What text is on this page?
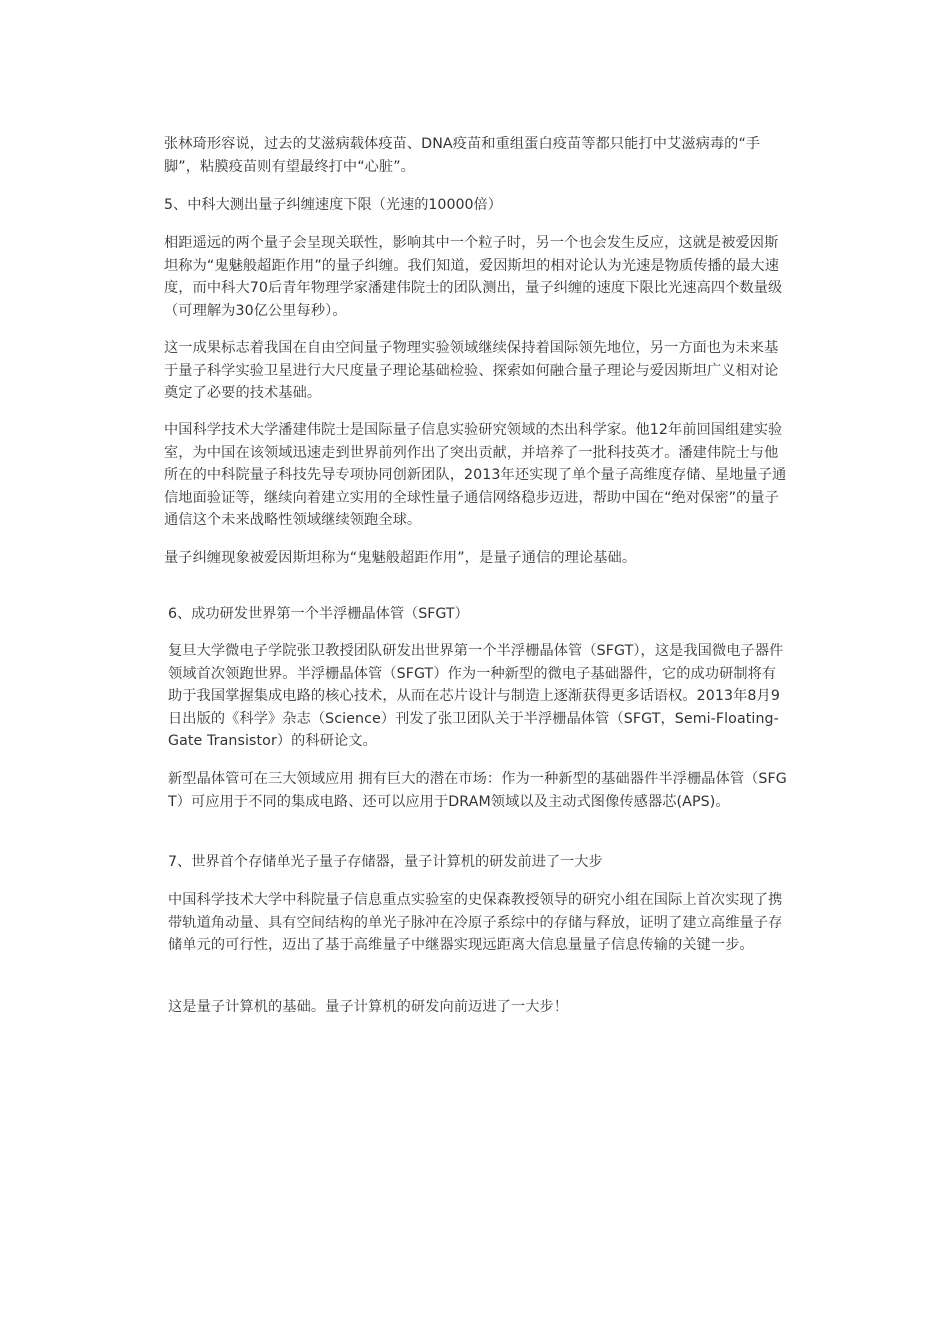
张林琦形容说，过去的艾滋病载体疫苗、DNA疫苗和重组蛋白疫苗等都只能打中艾滋病毒的“手脚”，粘膜疫苗则有望最终打中“心脏”。
5、中科大测出量子纠缠速度下限（光速的10000倍）
相距遥远的两个量子会呈现关联性，影响其中一个粒子时，另一个也会发生反应，这就是被爱因斯坦称为“鬼魅般超距作用”的量子纠缠。我们知道，爱因斯坦的相对论认为光速是物质传播的最大速度，而中科大70后青年物理学家潘建伟院士的团队测出，量子纠缠的速度下限比光速高四个数量级（可理解为30亿公里每秒）。
这一成果标志着我国在自由空间量子物理实验领域继续保持着国际领先地位，另一方面也为未来基于量子科学实验卫星进行大尺度量子理论基础检验、探索如何融合量子理论与爱因斯坦广义相对论奠定了必要的技术基础。
中国科学技术大学潘建伟院士是国际量子信息实验研究领域的杰出科学家。他12年前回国组建实验室，为中国在该领域迅速走到世界前列作出了突出贡献，并培养了一批科技英才。潘建伟院士与他所在的中科院量子科技先导专项协同创新团队，2013年还实现了单个量子高维度存储、星地量子通信地面验证等，继续向着建立实用的全球性量子通信网络稳步迈进，帮助中国在“绝对保密”的量子通信这个未来战略性领域继续领跑全球。
量子纠缠现象被爱因斯坦称为“鬼魅般超距作用”，是量子通信的理论基础。
6、成功研发世界第一个半浮栅晶体管（SFGT）
复旦大学微电子学院张卫教授团队研发出世界第一个半浮栅晶体管（SFGT），这是我国微电子器件领域首次领跑世界。半浮栅晶体管（SFGT）作为一种新型的微电子基础器件，它的成功研制将有助于我国掌握集成电路的核心技术，从而在芯片设计与制造上逐渐获得更多话语权。2013年8月9日出版的《科学》杂志（Science）刊发了张卫团队关于半浮栅晶体管（SFGT，Semi-Floating-Gate Transistor）的科研论文。
新型晶体管可在三大领域应用 拥有巨大的潜在市场：作为一种新型的基础器件半浮栅晶体管（SFGT）可应用于不同的集成电路、还可以应用于DRAM领域以及主动式图像传感器芯(APS)。
7、世界首个存储单光子量子存储器，量子计算机的研发前进了一大步
中国科学技术大学中科院量子信息重点实验室的史保森教授领导的研究小组在国际上首次实现了携带轨道角动量、具有空间结构的单光子脉冲在冷原子系综中的存储与释放，证明了建立高维量子存储单元的可行性，迈出了基于高维量子中继器实现远距离大信息量量子信息传输的关键一步。
这是量子计算机的基础。量子计算机的研发向前迈进了一大步！
